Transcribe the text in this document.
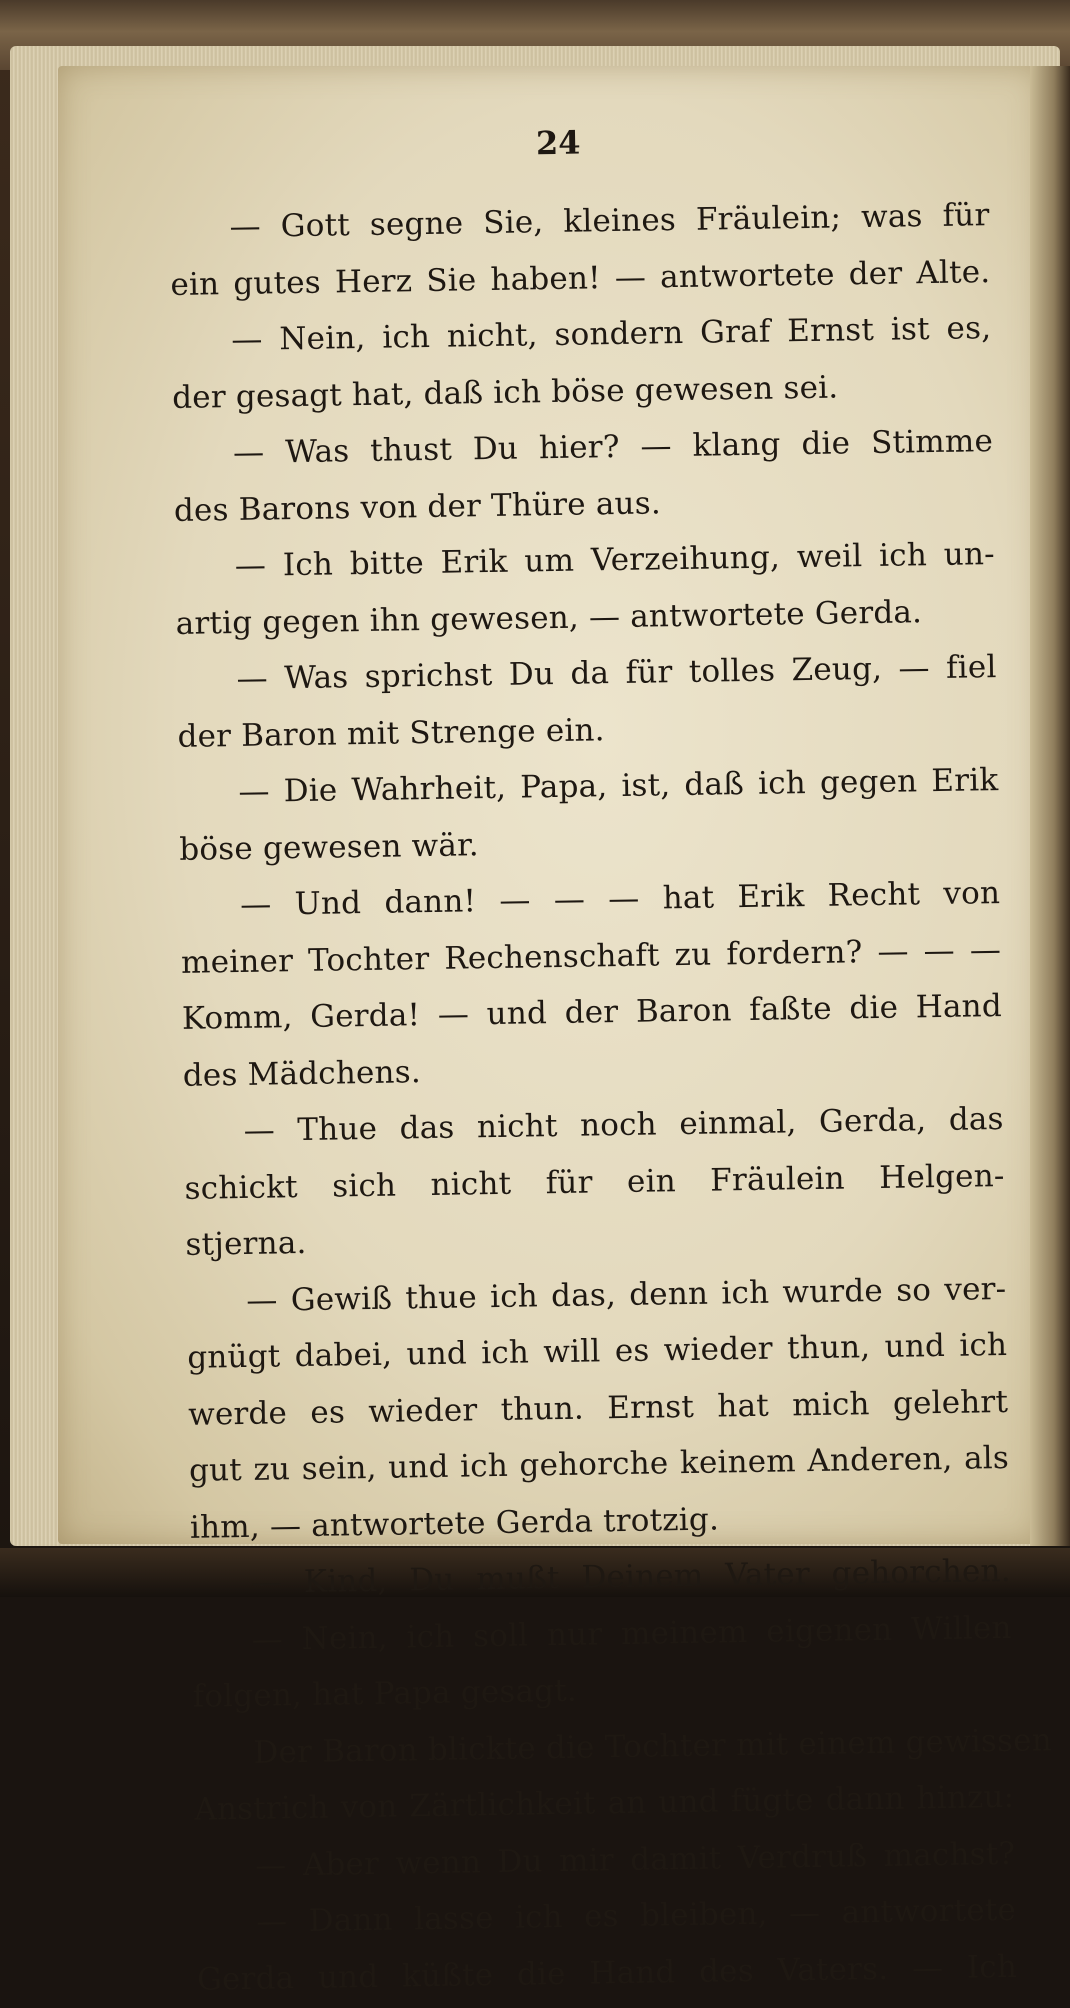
24
— Gott segne Sie, kleines Fräulein; was für
ein gutes Herz Sie haben! — antwortete der Alte.
— Nein, ich nicht, sondern Graf Ernst ist es,
der gesagt hat, daß ich böse gewesen sei.
— Was thust Du hier? — klang die Stimme
des Barons von der Thüre aus.
— Ich bitte Erik um Verzeihung, weil ich un-
artig gegen ihn gewesen, — antwortete Gerda.
— Was sprichst Du da für tolles Zeug, — fiel
der Baron mit Strenge ein.
— Die Wahrheit, Papa, ist, daß ich gegen Erik
böse gewesen wär.
— Und dann! — — — hat Erik Recht von
meiner Tochter Rechenschaft zu fordern? — — —
Komm, Gerda! — und der Baron faßte die Hand
des Mädchens.
— Thue das nicht noch einmal, Gerda, das
schickt sich nicht für ein Fräulein Helgen-
stjerna.
— Gewiß thue ich das, denn ich wurde so ver-
gnügt dabei, und ich will es wieder thun, und ich
werde es wieder thun. Ernst hat mich gelehrt
gut zu sein, und ich gehorche keinem Anderen, als
ihm, — antwortete Gerda trotzig.
— Kind, Du mußt Deinem Vater gehorchen.
— Nein, ich soll nur meinem eigenen Willen
folgen, hat Papa gesagt.
Der Baron blickte die Tochter mit einem gewissen
Anstrich von Zärtlichkeit an und fügte dann hinzu:
— Aber wenn Du mir damit Verdruß machst?
— Dann lasse ich es bleiben, — antwortete
Gerda und küßte die Hand des Vaters. — Ich
